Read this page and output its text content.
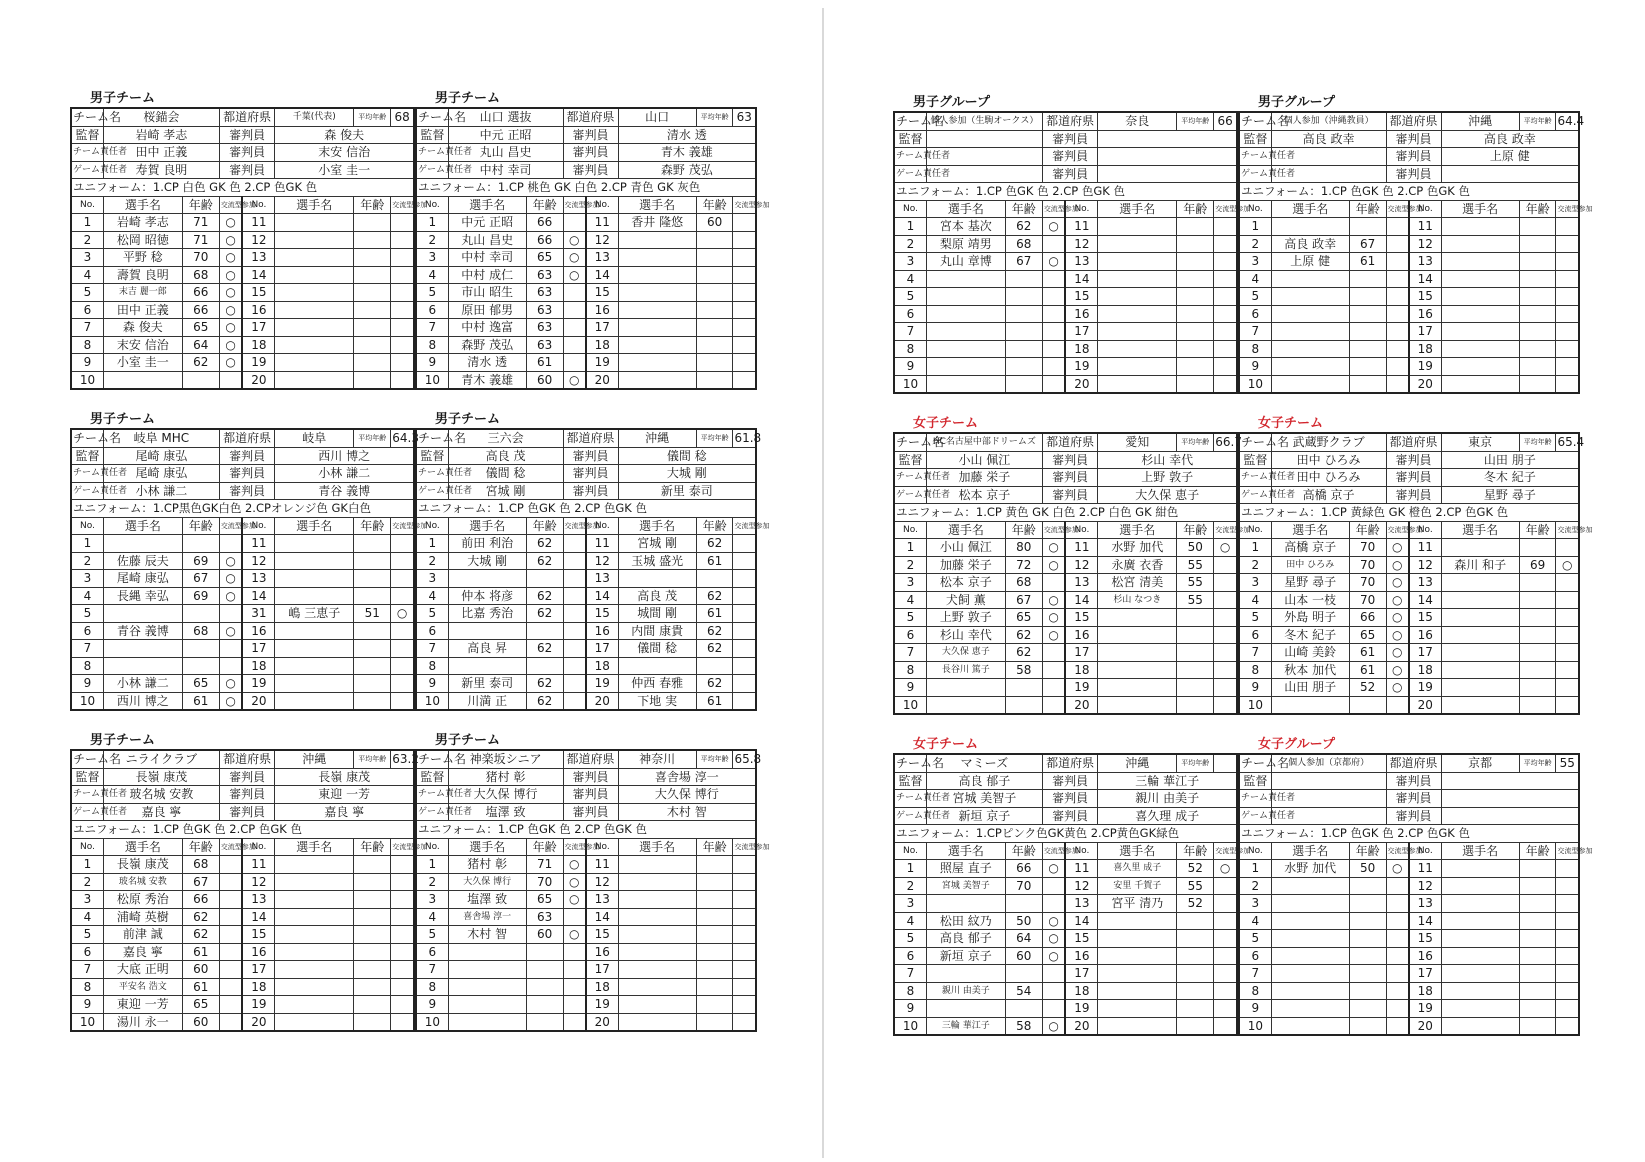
男子チーム
チーム名	桜錨会		都道府県		千葉(代表)	平均年齢	68
監督	岩崎 孝志		審判員		森 俊夫		
チーム責任者	田中 正義		審判員		末安 信治		
ゲーム責任者	寿賀 良明		審判員		小室 圭一		
ユニフォーム：1.CP 白色 GK 色 2.CP 色GK 色							
No.	選手名	年齢	交流型参加	No.	選手名	年齢	交流型参加
1	岩崎 孝志	71	○	11			
2	松岡 昭徳	71	○	12			
3	平野 稔	70	○	13			
4	壽賀 良明	68	○	14			
5	末吉 麗一郎	66	○	15			
6	田中 正義	66	○	16			
7	森 俊夫	65	○	17			
8	末安 信治	64	○	18			
9	小室 圭一	62	○	19			
10				20			
男子チーム
チーム名	山口 選抜		都道府県		山口	平均年齢	63
監督	中元 正昭		審判員		清水 透		
チーム責任者	丸山 昌史		審判員		青木 義雄		
ゲーム責任者	中村 幸司		審判員		森野 茂弘		
ユニフォーム：1.CP 桃色 GK 白色 2.CP 青色 GK 灰色							
No.	選手名	年齢	交流型参加	No.	選手名	年齢	交流型参加
1	中元 正昭	66		11	香井 隆悠	60	
2	丸山 昌史	66	○	12			
3	中村 幸司	65	○	13			
4	中村 成仁	63	○	14			
5	市山 昭生	63		15			
6	原田 郁男	63		16			
7	中村 逸富	63		17			
8	森野 茂弘	63		18			
9	清水 透	61		19			
10	青木 義雄	60	○	20			
男子チーム
チーム名	岐阜 MHC		都道府県		岐阜	平均年齢	64.3
監督	尾崎 康弘		審判員		西川 博之		
チーム責任者	尾崎 康弘		審判員		小林 謙二		
ゲーム責任者	小林 謙二		審判員		青谷 義博		
ユニフォーム：1.CP黒色GK白色 2.CPオレンジ色 GK白色							
No.	選手名	年齢	交流型参加	No.	選手名	年齢	交流型参加
1				11			
2	佐藤 辰夫	69	○	12			
3	尾崎 康弘	67	○	13			
4	長縄 幸弘	69	○	14			
5				31	嶋 三恵子	51	○
6	青谷 義博	68	○	16			
7				17			
8				18			
9	小林 謙二	65	○	19			
10	西川 博之	61	○	20			
男子チーム
チーム名	三六会		都道府県		沖縄	平均年齢	61.8
監督	高良 茂		審判員		儀間 稔		
チーム責任者	儀間 稔		審判員		大城 剛		
ゲーム責任者	宮城 剛		審判員		新里 泰司		
ユニフォーム：1.CP 色GK 色 2.CP 色GK 色							
No.	選手名	年齢	交流型参加	No.	選手名	年齢	交流型参加
1	前田 利治	62		11	宮城 剛	62	
2	大城 剛	62		12	玉城 盛光	61	
3				13			
4	仲本 将彦	62		14	高良 茂	62	
5	比嘉 秀治	62		15	城間 剛	61	
6				16	内間 康貴	62	
7	高良 昇	62		17	儀間 稔	62	
8				18			
9	新里 泰司	62		19	仲西 春雅	62	
10	川満 正	62		20	下地 実	61	
男子チーム
チーム名	ニライクラブ		都道府県		沖縄	平均年齢	63.2
監督	長嶺 康茂		審判員		長嶺 康茂		
チーム責任者	玻名城 安教		審判員		東迎 一芳		
ゲーム責任者	嘉良 寧		審判員		嘉良 寧		
ユニフォーム：1.CP 色GK 色 2.CP 色GK 色							
No.	選手名	年齢	交流型参加	No.	選手名	年齢	交流型参加
1	長嶺 康茂	68		11			
2	玻名城 安教	67		12			
3	松原 秀治	66		13			
4	浦崎 英樹	62		14			
5	前津 誠	62		15			
6	嘉良 寧	61		16			
7	大底 正明	60		17			
8	平安名 浩文	61		18			
9	東迎 一芳	65		19			
10	湯川 永一	60		20			
男子チーム
チーム名	神楽坂シニア		都道府県		神奈川	平均年齢	65.8
監督	猪村 彰		審判員		喜舎場 淳一		
チーム責任者	大久保 博行		審判員		大久保 博行		
ゲーム責任者	塩澤 致		審判員		木村 智		
ユニフォーム：1.CP 色GK 色 2.CP 色GK 色							
No.	選手名	年齢	交流型参加	No.	選手名	年齢	交流型参加
1	猪村 彰	71	○	11			
2	大久保 博行	70	○	12			
3	塩澤 致	65	○	13			
4	喜舎場 淳一	63		14			
5	木村 智	60	○	15			
6				16			
7				17			
8				18			
9				19			
10				20			
男子グループ
チーム名	個人参加（生駒オークス）		都道府県		奈良	平均年齢	66
監督			審判員				
チーム責任者			審判員				
ゲーム責任者			審判員				
ユニフォーム：1.CP 色GK 色 2.CP 色GK 色							
No.	選手名	年齢	交流型参加	No.	選手名	年齢	交流型参加
1	宮本 基次	62	○	11			
2	梨原 靖男	68		12			
3	丸山 章博	67	○	13			
4				14			
5				15			
6				16			
7				17			
8				18			
9				19			
10				20			
男子グループ
チーム名	個人参加（沖縄教員）		都道府県		沖縄	平均年齢	64.4
監督	高良 政幸		審判員		高良 政幸		
チーム責任者			審判員		上原 健		
ゲーム責任者			審判員				
ユニフォーム：1.CP 色GK 色 2.CP 色GK 色							
No.	選手名	年齢	交流型参加	No.	選手名	年齢	交流型参加
1				11			
2	高良 政幸	67		12			
3	上原 健	61		13			
4				14			
5				15			
6				16			
7				17			
8				18			
9				19			
10				20			
女子チーム
チーム名	HC名古屋中部ドリームズ		都道府県		愛知	平均年齢	66.7
監督	小山 佩江		審判員		杉山 幸代		
チーム責任者	加藤 栄子		審判員		上野 敦子		
ゲーム責任者	松本 京子		審判員		大久保 恵子		
ユニフォーム：1.CP 黄色 GK 白色 2.CP 白色 GK 紺色							
No.	選手名	年齢	交流型参加	No.	選手名	年齢	交流型参加
1	小山 佩江	80	○	11	水野 加代	50	○
2	加藤 栄子	72	○	12	永廣 衣香	55	
3	松本 京子	68		13	松宮 清美	55	
4	犬飼 薫	67	○	14	杉山 なつき	55	
5	上野 敦子	65	○	15			
6	杉山 幸代	62	○	16			
7	大久保 恵子	62		17			
8	長谷川 篤子	58		18			
9				19			
10				20			
女子チーム
チーム名	武蔵野クラブ		都道府県		東京	平均年齢	65.4
監督	田中 ひろみ		審判員		山田 朋子		
チーム責任者	田中 ひろみ		審判員		冬木 紀子		
ゲーム責任者	高橋 京子		審判員		星野 尋子		
ユニフォーム：1.CP 黄緑色 GK 橙色 2.CP 色GK 色							
No.	選手名	年齢	交流型参加	No.	選手名	年齢	交流型参加
1	高橋 京子	70	○	11			
2	田中 ひろみ	70	○	12	森川 和子	69	○
3	星野 尋子	70	○	13			
4	山本 一枝	70	○	14			
5	外島 明子	66	○	15			
6	冬木 紀子	65	○	16			
7	山崎 美鈴	61	○	17			
8	秋本 加代	61	○	18			
9	山田 朋子	52	○	19			
10				20			
女子チーム
チーム名	マミーズ		都道府県		沖縄	平均年齢	
監督	高良 郁子		審判員		三輪 華江子		
チーム責任者	宮城 美智子		審判員		親川 由美子		
ゲーム責任者	新垣 京子		審判員		喜久理 成子		
ユニフォーム：1.CPピンク色GK黄色 2.CP黄色GK緑色							
No.	選手名	年齢	交流型参加	No.	選手名	年齢	交流型参加
1	照屋 直子	66	○	11	喜久里 成子	52	○
2	宮城 美智子	70		12	安里 千賀子	55	
3				13	宮平 清乃	52	
4	松田 紋乃	50	○	14			
5	高良 郁子	64	○	15			
6	新垣 京子	60	○	16			
7				17			
8	親川 由美子	54		18			
9				19			
10	三輪 華江子	58	○	20			
女子グループ
チーム名	個人参加（京都府）		都道府県		京都	平均年齢	55
監督			審判員				
チーム責任者			審判員				
ゲーム責任者			審判員				
ユニフォーム：1.CP 色GK 色 2.CP 色GK 色							
No.	選手名	年齢	交流型参加	No.	選手名	年齢	交流型参加
1	水野 加代	50	○	11			
2				12			
3				13			
4				14			
5				15			
6				16			
7				17			
8				18			
9				19			
10				20			
